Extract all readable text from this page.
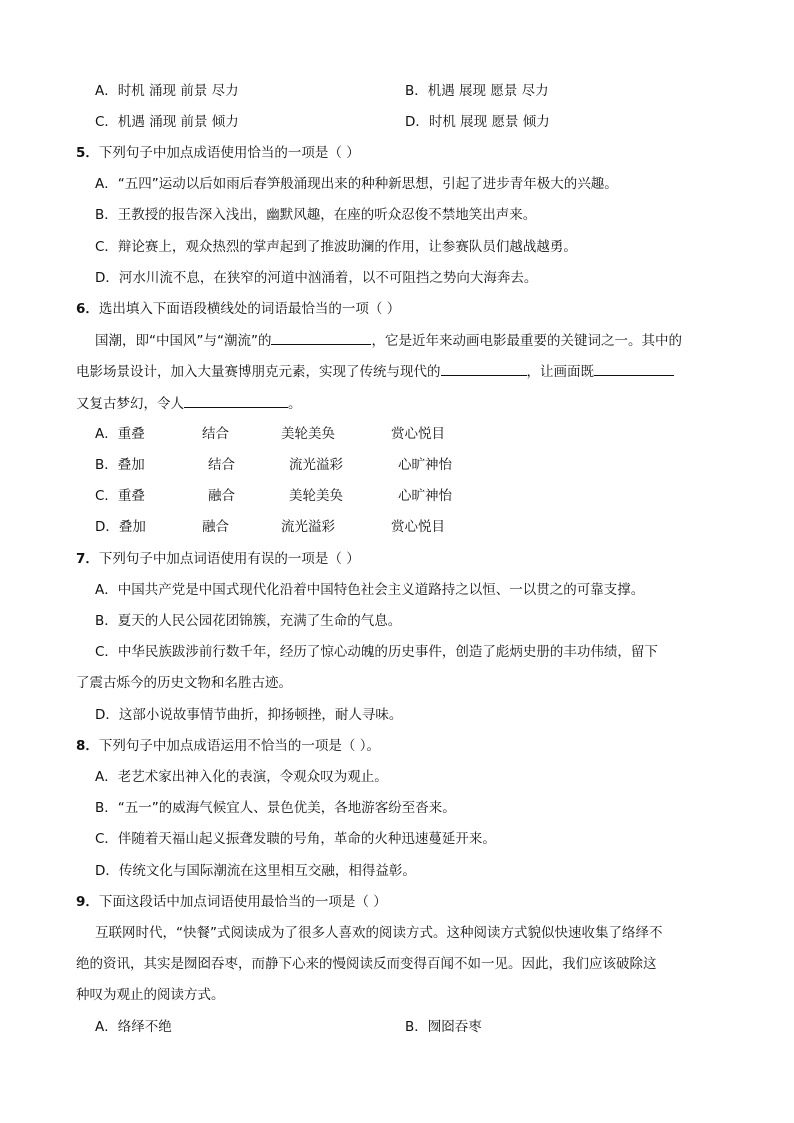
A．时机 涌现 前景 尽力	B．机遇 展现 愿景 尽力
C．机遇 涌现 前景 倾力	D．时机 展现 愿景 倾力
5．下列句子中加点成语使用恰当的一项是（ ）
A．“五四”运动以后如雨后春笋般涌现出来的种种新思想，引起了进步青年极大的兴趣。
B．王教授的报告深入浅出，幽默风趣，在座的听众忍俊不禁地笑出声来。
C．辩论赛上，观众热烈的掌声起到了推波助澜的作用，让参赛队员们越战越勇。
D．河水川流不息，在狭窄的河道中汹涌着，以不可阻挡之势向大海奔去。
6．选出填入下面语段横线处的词语最恰当的一项（ ）
国潮，即“中国风”与“潮流”的	，它是近年来动画电影最重要的关键词之一。其中的
电影场景设计，加入大量赛博朋克元素，实现了传统与现代的	，让画面既
又复古梦幻，令人	。
A．重叠	结合	美轮美奂	赏心悦目
B．叠加	结合	流光溢彩	心旷神怡
C．重叠	融合	美轮美奂	心旷神怡
D．叠加	融合	流光溢彩	赏心悦目
7．下列句子中加点词语使用有误的一项是（ ）
A．中国共产党是中国式现代化沿着中国特色社会主义道路持之以恒、一以贯之的可靠支撑。
B．夏天的人民公园花团锦簇，充满了生命的气息。
C．中华民族跋涉前行数千年，经历了惊心动魄的历史事件，创造了彪炳史册的丰功伟绩，留下
了震古烁今的历史文物和名胜古迹。
D．这部小说故事情节曲折，抑扬顿挫，耐人寻味。
8．下列句子中加点成语运用不恰当的一项是（ ）。
A．老艺术家出神入化的表演，令观众叹为观止。
B．“五一”的威海气候宜人、景色优美，各地游客纷至沓来。
C．伴随着天福山起义振聋发聩的号角，革命的火种迅速蔓延开来。
D．传统文化与国际潮流在这里相互交融，相得益彰。
9．下面这段话中加点词语使用最恰当的一项是（ ）
互联网时代，“快餐”式阅读成为了很多人喜欢的阅读方式。这种阅读方式貌似快速收集了络绎不
绝的资讯，其实是囫囵吞枣，而静下心来的慢阅读反而变得百闻不如一见。因此，我们应该破除这
种叹为观止的阅读方式。
A．络绎不绝	B．囫囵吞枣
